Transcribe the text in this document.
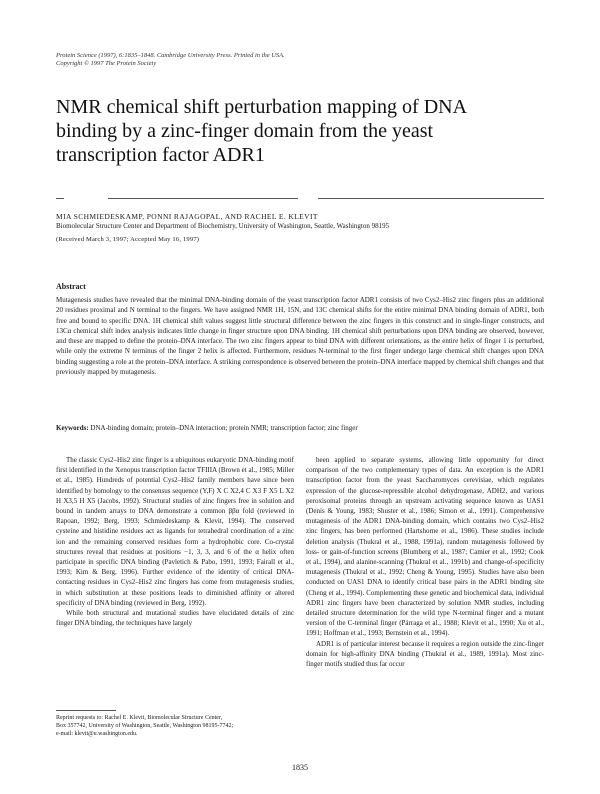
Protein Science (1997), 6:1835–1848. Cambridge University Press. Printed in the USA.
Copyright © 1997 The Protein Society
NMR chemical shift perturbation mapping of DNA
binding by a zinc-finger domain from the yeast
transcription factor ADR1
MIA SCHMIEDESKAMP, PONNI RAJAGOPAL, AND RACHEL E. KLEVIT
Biomolecular Structure Center and Department of Biochemistry, University of Washington, Seattle, Washington 98195
(Received March 3, 1997; Accepted May 16, 1997)
Abstract
Mutagenesis studies have revealed that the minimal DNA-binding domain of the yeast transcription factor ADR1 consists of two Cys2–His2 zinc fingers plus an additional 20 residues proximal and N terminal to the fingers. We have assigned NMR 1H, 15N, and 13C chemical shifts for the entire minimal DNA binding domain of ADR1, both free and bound to specific DNA. 1H chemical shift values suggest little structural difference between the zinc fingers in this construct and in single-finger constructs, and 13Cα chemical shift index analysis indicates little change in finger structure upon DNA binding. 1H chemical shift perturbations upon DNA binding are observed, however, and these are mapped to define the protein–DNA interface. The two zinc fingers appear to bind DNA with different orientations, as the entire helix of finger 1 is perturbed, while only the extreme N terminus of the finger 2 helix is affected. Furthermore, residues N-terminal to the first finger undergo large chemical shift changes upon DNA binding suggesting a role at the protein–DNA interface. A striking correspondence is observed between the protein–DNA interface mapped by chemical shift changes and that previously mapped by mutagenesis.
Keywords: DNA-binding domain; protein–DNA interaction; protein NMR; transcription factor; zinc finger

The classic Cys2–His2 zinc finger is a ubiquitous eukaryotic DNA-binding motif first identified in the Xenopus transcription factor TFIIIA (Brown et al., 1985; Miller et al., 1985). Hundreds of potential Cys2–His2 family members have since been identified by homology to the consensus sequence (Y,F) X C X2,4 C X3 F X5 L X2 H X3,5 H X5 (Jacobs, 1992). Structural studies of zinc fingers free in solution and bound in tandem arrays to DNA demonstrate a common ββα fold (reviewed in Rapoan, 1992; Berg, 1993; Schmiedeskamp & Klevit, 1994). The conserved cysteine and histidine residues act as ligands for tetrahedral coordination of a zinc ion and the remaining conserved residues form a hydrophobic core. Co-crystal structures reveal that residues at positions −1, 3, 3, and 6 of the α helix often participate in specific DNA binding (Pavletich & Pabo, 1991, 1993; Fairall et al., 1993; Kim & Berg, 1996). Further evidence of the identity of critical DNA-contacting residues in Cys2–His2 zinc fingers has come from mutagenesis studies, in which substitution at these positions leads to diminished affinity or altered specificity of DNA binding (reviewed in Berg, 1992).

While both structural and mutational studies have elucidated details of zinc finger DNA binding, the techniques have largely

been applied to separate systems, allowing little opportunity for direct comparison of the two complementary types of data. An exception is the ADR1 transcription factor from the yeast Saccharomyces cerevisiae, which regulates expression of the glucose-repressible alcohol dehydrogenase, ADH2, and various peroxisomal proteins through an upstream activating sequence known as UAS1 (Denis & Young, 1983; Shuster et al., 1986; Simon et al., 1991). Comprehensive mutagenesis of the ADR1 DNA-binding domain, which contains two Cys2–His2 zinc fingers, has been performed (Hartshorne et al., 1986). These studies include deletion analysis (Thukral et al., 1988, 1991a), random mutagenesis followed by loss- or gain-of-function screens (Blumberg et al., 1987; Camier et al., 1992; Cook et al., 1994), and alanine-scanning (Thukral et al., 1991b) and change-of-specificity mutagenesis (Thukral et al., 1992; Cheng & Young, 1995). Studies have also been conducted on UAS1 DNA to identify critical base pairs in the ADR1 binding site (Cheng et al., 1994). Complementing these genetic and biochemical data, individual ADR1 zinc fingers have been characterized by solution NMR studies, including detailed structure determination for the wild type N-terminal finger and a mutant version of the C-terminal finger (Párraga et al., 1988; Klevit et al., 1990; Xu et al., 1991; Hoffman et al., 1993; Bernstein et al., 1994).

ADR1 is of particular interest because it requires a region outside the zinc-finger domain for high-affinity DNA binding (Thukral et al., 1989, 1991a). Most zinc-finger motifs studied thus far occur

Reprint requests to: Rachel E. Klevit, Biomolecular Structure Center,
Box 357742, University of Washington, Seattle, Washington 98195-7742;
e-mail: klevit@u.washington.edu.
1835
